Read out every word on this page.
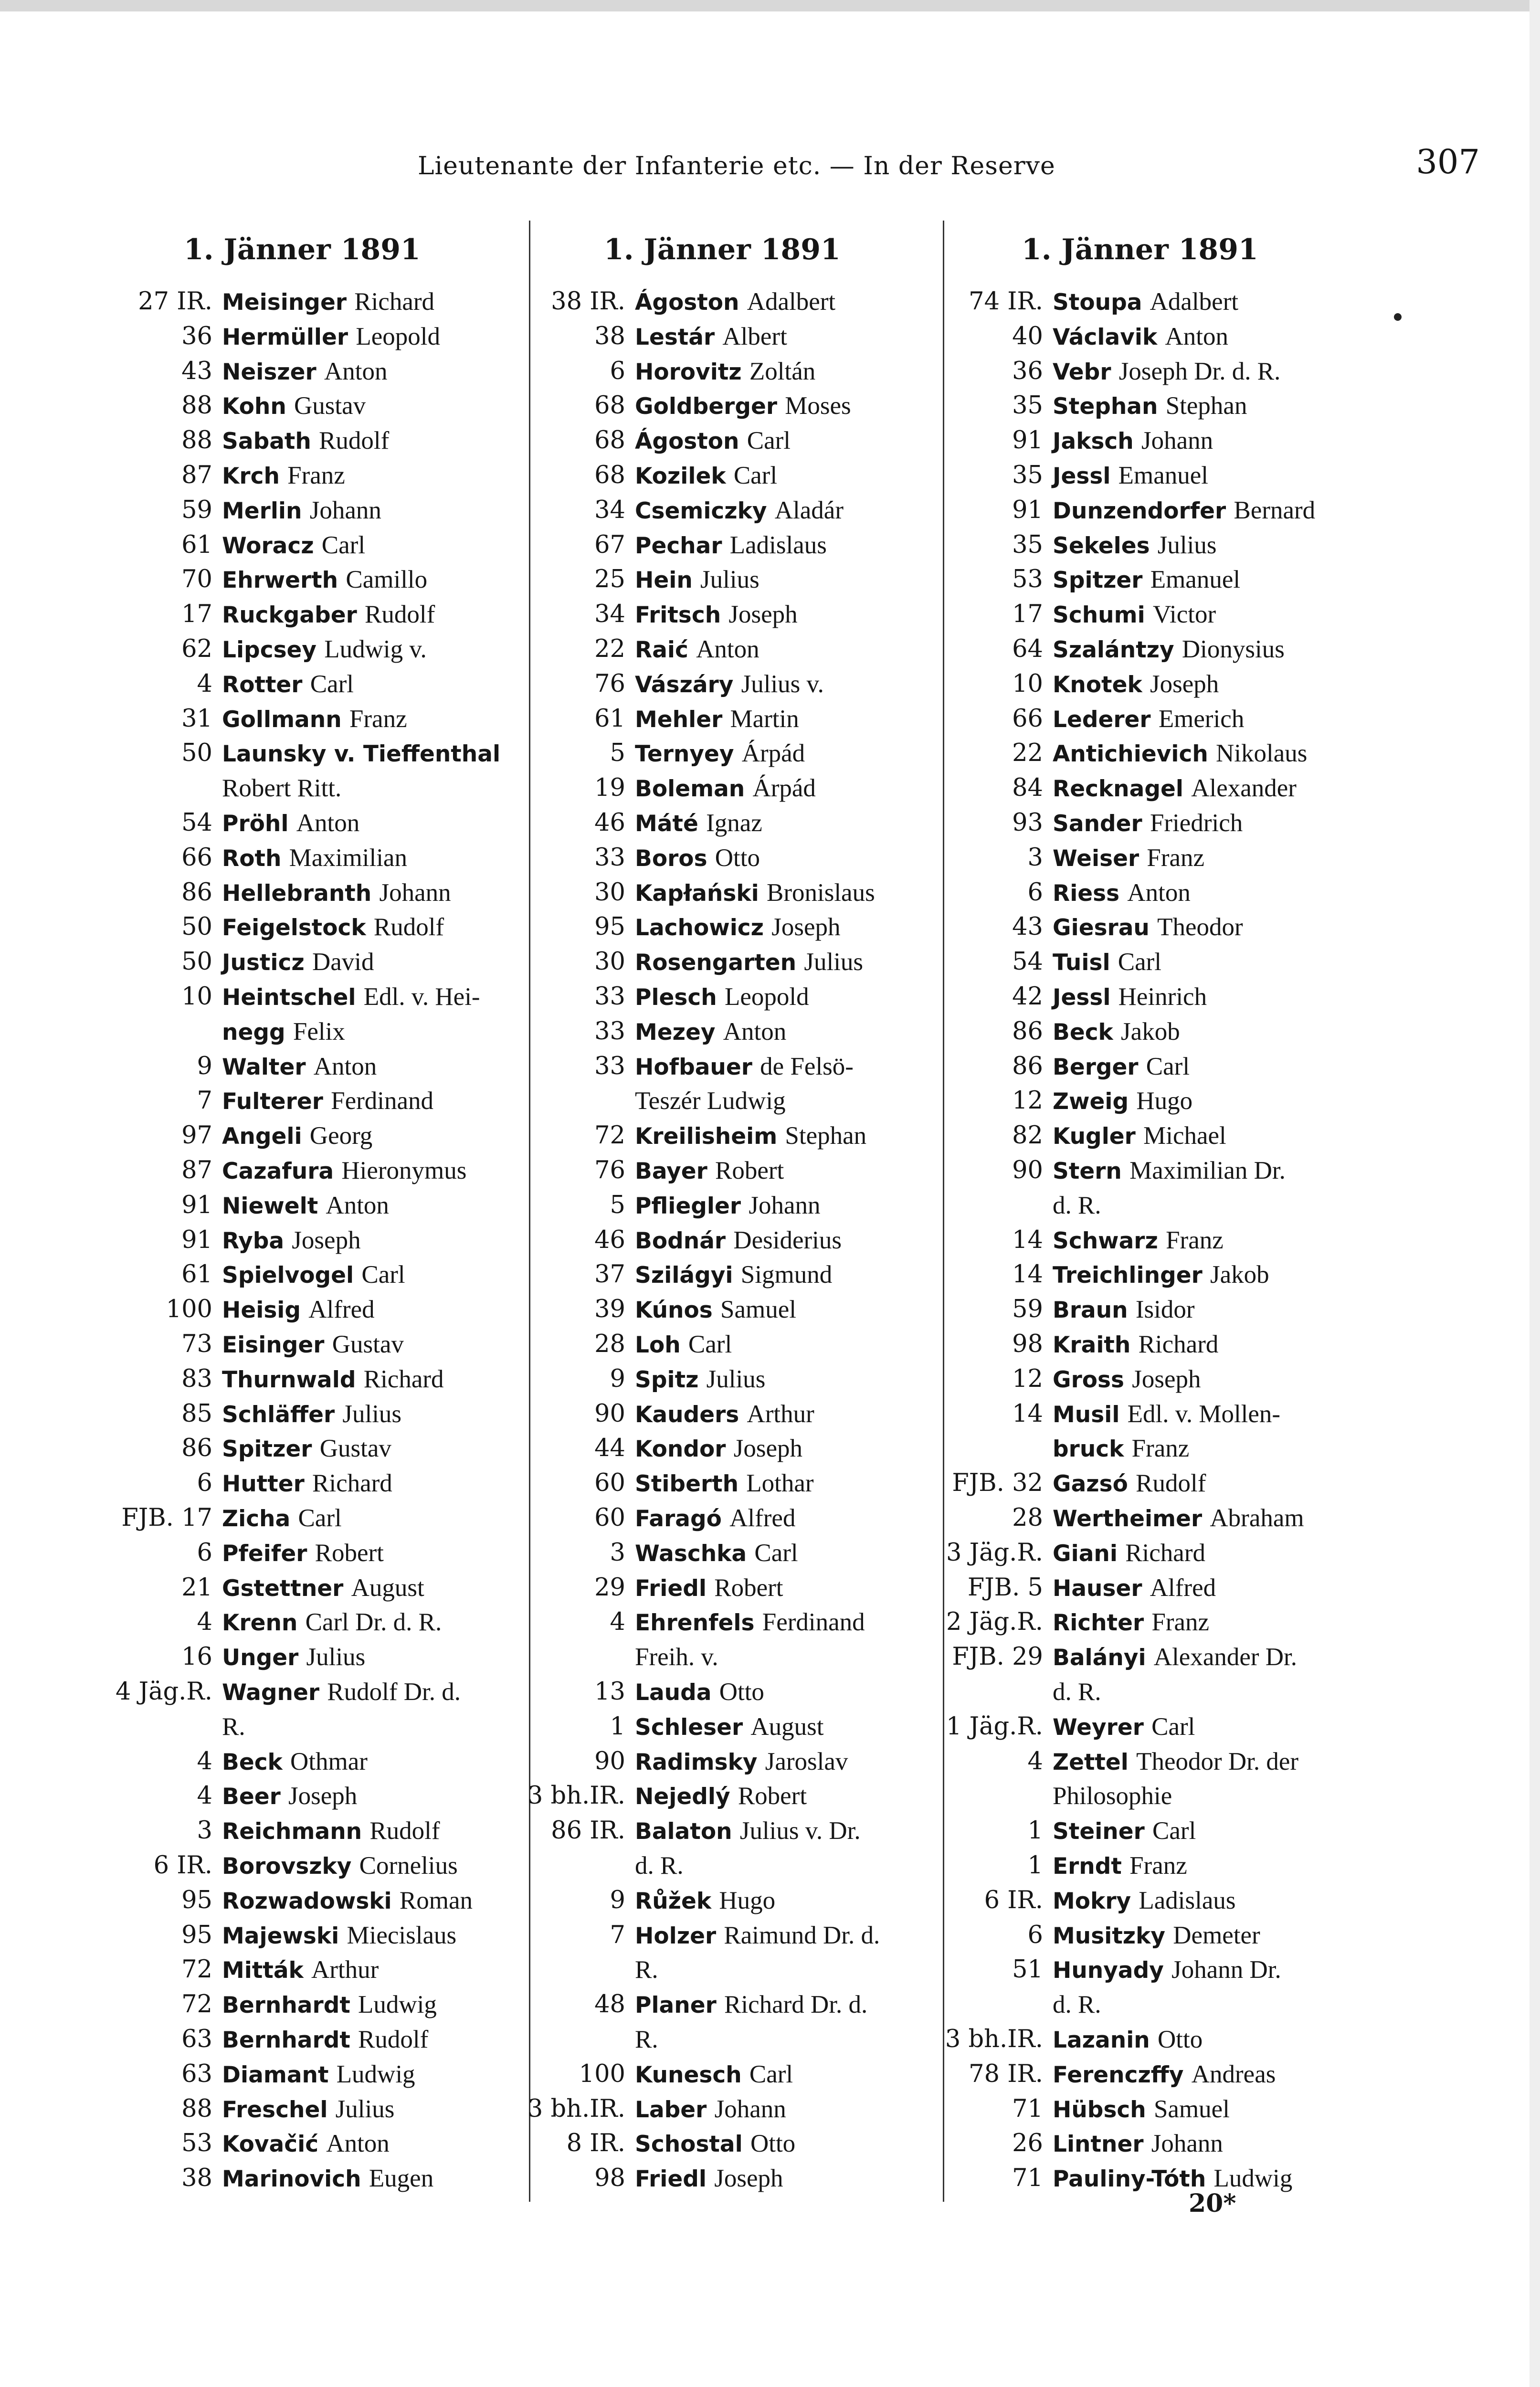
Lieutenante der Infanterie etc. — In der Reserve	307
1. Jänner 1891
27 IR. Meisinger Richard
36 Hermüller Leopold
43 Neiszer Anton
88 Kohn Gustav
88 Sabath Rudolf
87 Krch Franz
59 Merlin Johann
61 Woracz Carl
70 Ehrwerth Camillo
17 Ruckgaber Rudolf
62 Lipcsey Ludwig v.
4 Rotter Carl
31 Gollmann Franz
50 Launsky v. Tieffenthal
Robert Ritt.
54 Pröhl Anton
66 Roth Maximilian
86 Hellebranth Johann
50 Feigelstock Rudolf
50 Justicz David
10 Heintschel Edl. v. Hei-
negg Felix
9 Walter Anton
7 Fulterer Ferdinand
97 Angeli Georg
87 Cazafura Hieronymus
91 Niewelt Anton
91 Ryba Joseph
61 Spielvogel Carl
100 Heisig Alfred
73 Eisinger Gustav
83 Thurnwald Richard
85 Schläffer Julius
86 Spitzer Gustav
6 Hutter Richard
FJB. 17 Zicha Carl
6 Pfeifer Robert
21 Gstettner August
4 Krenn Carl Dr. d. R.
16 Unger Julius
4 Jäg.R. Wagner Rudolf Dr. d.
R.
4 Beck Othmar
4 Beer Joseph
3 Reichmann Rudolf
6 IR. Borovszky Cornelius
95 Rozwadowski Roman
95 Majewski Miecislaus
72 Mitták Arthur
72 Bernhardt Ludwig
63 Bernhardt Rudolf
63 Diamant Ludwig
88 Freschel Julius
53 Kovačić Anton
38 Marinovich Eugen
1. Jänner 1891
38 IR. Ágoston Adalbert
38 Lestár Albert
6 Horovitz Zoltán
68 Goldberger Moses
68 Ágoston Carl
68 Kozilek Carl
34 Csemiczky Aladár
67 Pechar Ladislaus
25 Hein Julius
34 Fritsch Joseph
22 Raić Anton
76 Vászáry Julius v.
61 Mehler Martin
5 Ternyey Árpád
19 Boleman Árpád
46 Máté Ignaz
33 Boros Otto
30 Kapłański Bronislaus
95 Lachowicz Joseph
30 Rosengarten Julius
33 Plesch Leopold
33 Mezey Anton
33 Hofbauer de Felsö-
Teszér Ludwig
72 Kreilisheim Stephan
76 Bayer Robert
5 Pfliegler Johann
46 Bodnár Desiderius
37 Szilágyi Sigmund
39 Kúnos Samuel
28 Loh Carl
9 Spitz Julius
90 Kauders Arthur
44 Kondor Joseph
60 Stiberth Lothar
60 Faragó Alfred
3 Waschka Carl
29 Friedl Robert
4 Ehrenfels Ferdinand
Freih. v.
13 Lauda Otto
1 Schleser August
90 Radimsky Jaroslav
3 bh.IR. Nejedlý Robert
86 IR. Balaton Julius v. Dr.
d. R.
9 Růžek Hugo
7 Holzer Raimund Dr. d.
R.
48 Planer Richard Dr. d.
R.
100 Kunesch Carl
3 bh.IR. Laber Johann
8 IR. Schostal Otto
98 Friedl Joseph
1. Jänner 1891
74 IR. Stoupa Adalbert
40 Václavik Anton
36 Vebr Joseph Dr. d. R.
35 Stephan Stephan
91 Jaksch Johann
35 Jessl Emanuel
91 Dunzendorfer Bernard
35 Sekeles Julius
53 Spitzer Emanuel
17 Schumi Victor
64 Szalántzy Dionysius
10 Knotek Joseph
66 Lederer Emerich
22 Antichievich Nikolaus
84 Recknagel Alexander
93 Sander Friedrich
3 Weiser Franz
6 Riess Anton
43 Giesrau Theodor
54 Tuisl Carl
42 Jessl Heinrich
86 Beck Jakob
86 Berger Carl
12 Zweig Hugo
82 Kugler Michael
90 Stern Maximilian Dr.
d. R.
14 Schwarz Franz
14 Treichlinger Jakob
59 Braun Isidor
98 Kraith Richard
12 Gross Joseph
14 Musil Edl. v. Mollen-
bruck Franz
FJB. 32 Gazsó Rudolf
28 Wertheimer Abraham
3 Jäg.R. Giani Richard
FJB. 5 Hauser Alfred
2 Jäg.R. Richter Franz
FJB. 29 Balányi Alexander Dr.
d. R.
1 Jäg.R. Weyrer Carl
4 Zettel Theodor Dr. der
Philosophie
1 Steiner Carl
1 Erndt Franz
6 IR. Mokry Ladislaus
6 Musitzky Demeter
51 Hunyady Johann Dr.
d. R.
3 bh.IR. Lazanin Otto
78 IR. Ferenczffy Andreas
71 Hübsch Samuel
26 Lintner Johann
71 Pauliny-Tóth Ludwig
20*
